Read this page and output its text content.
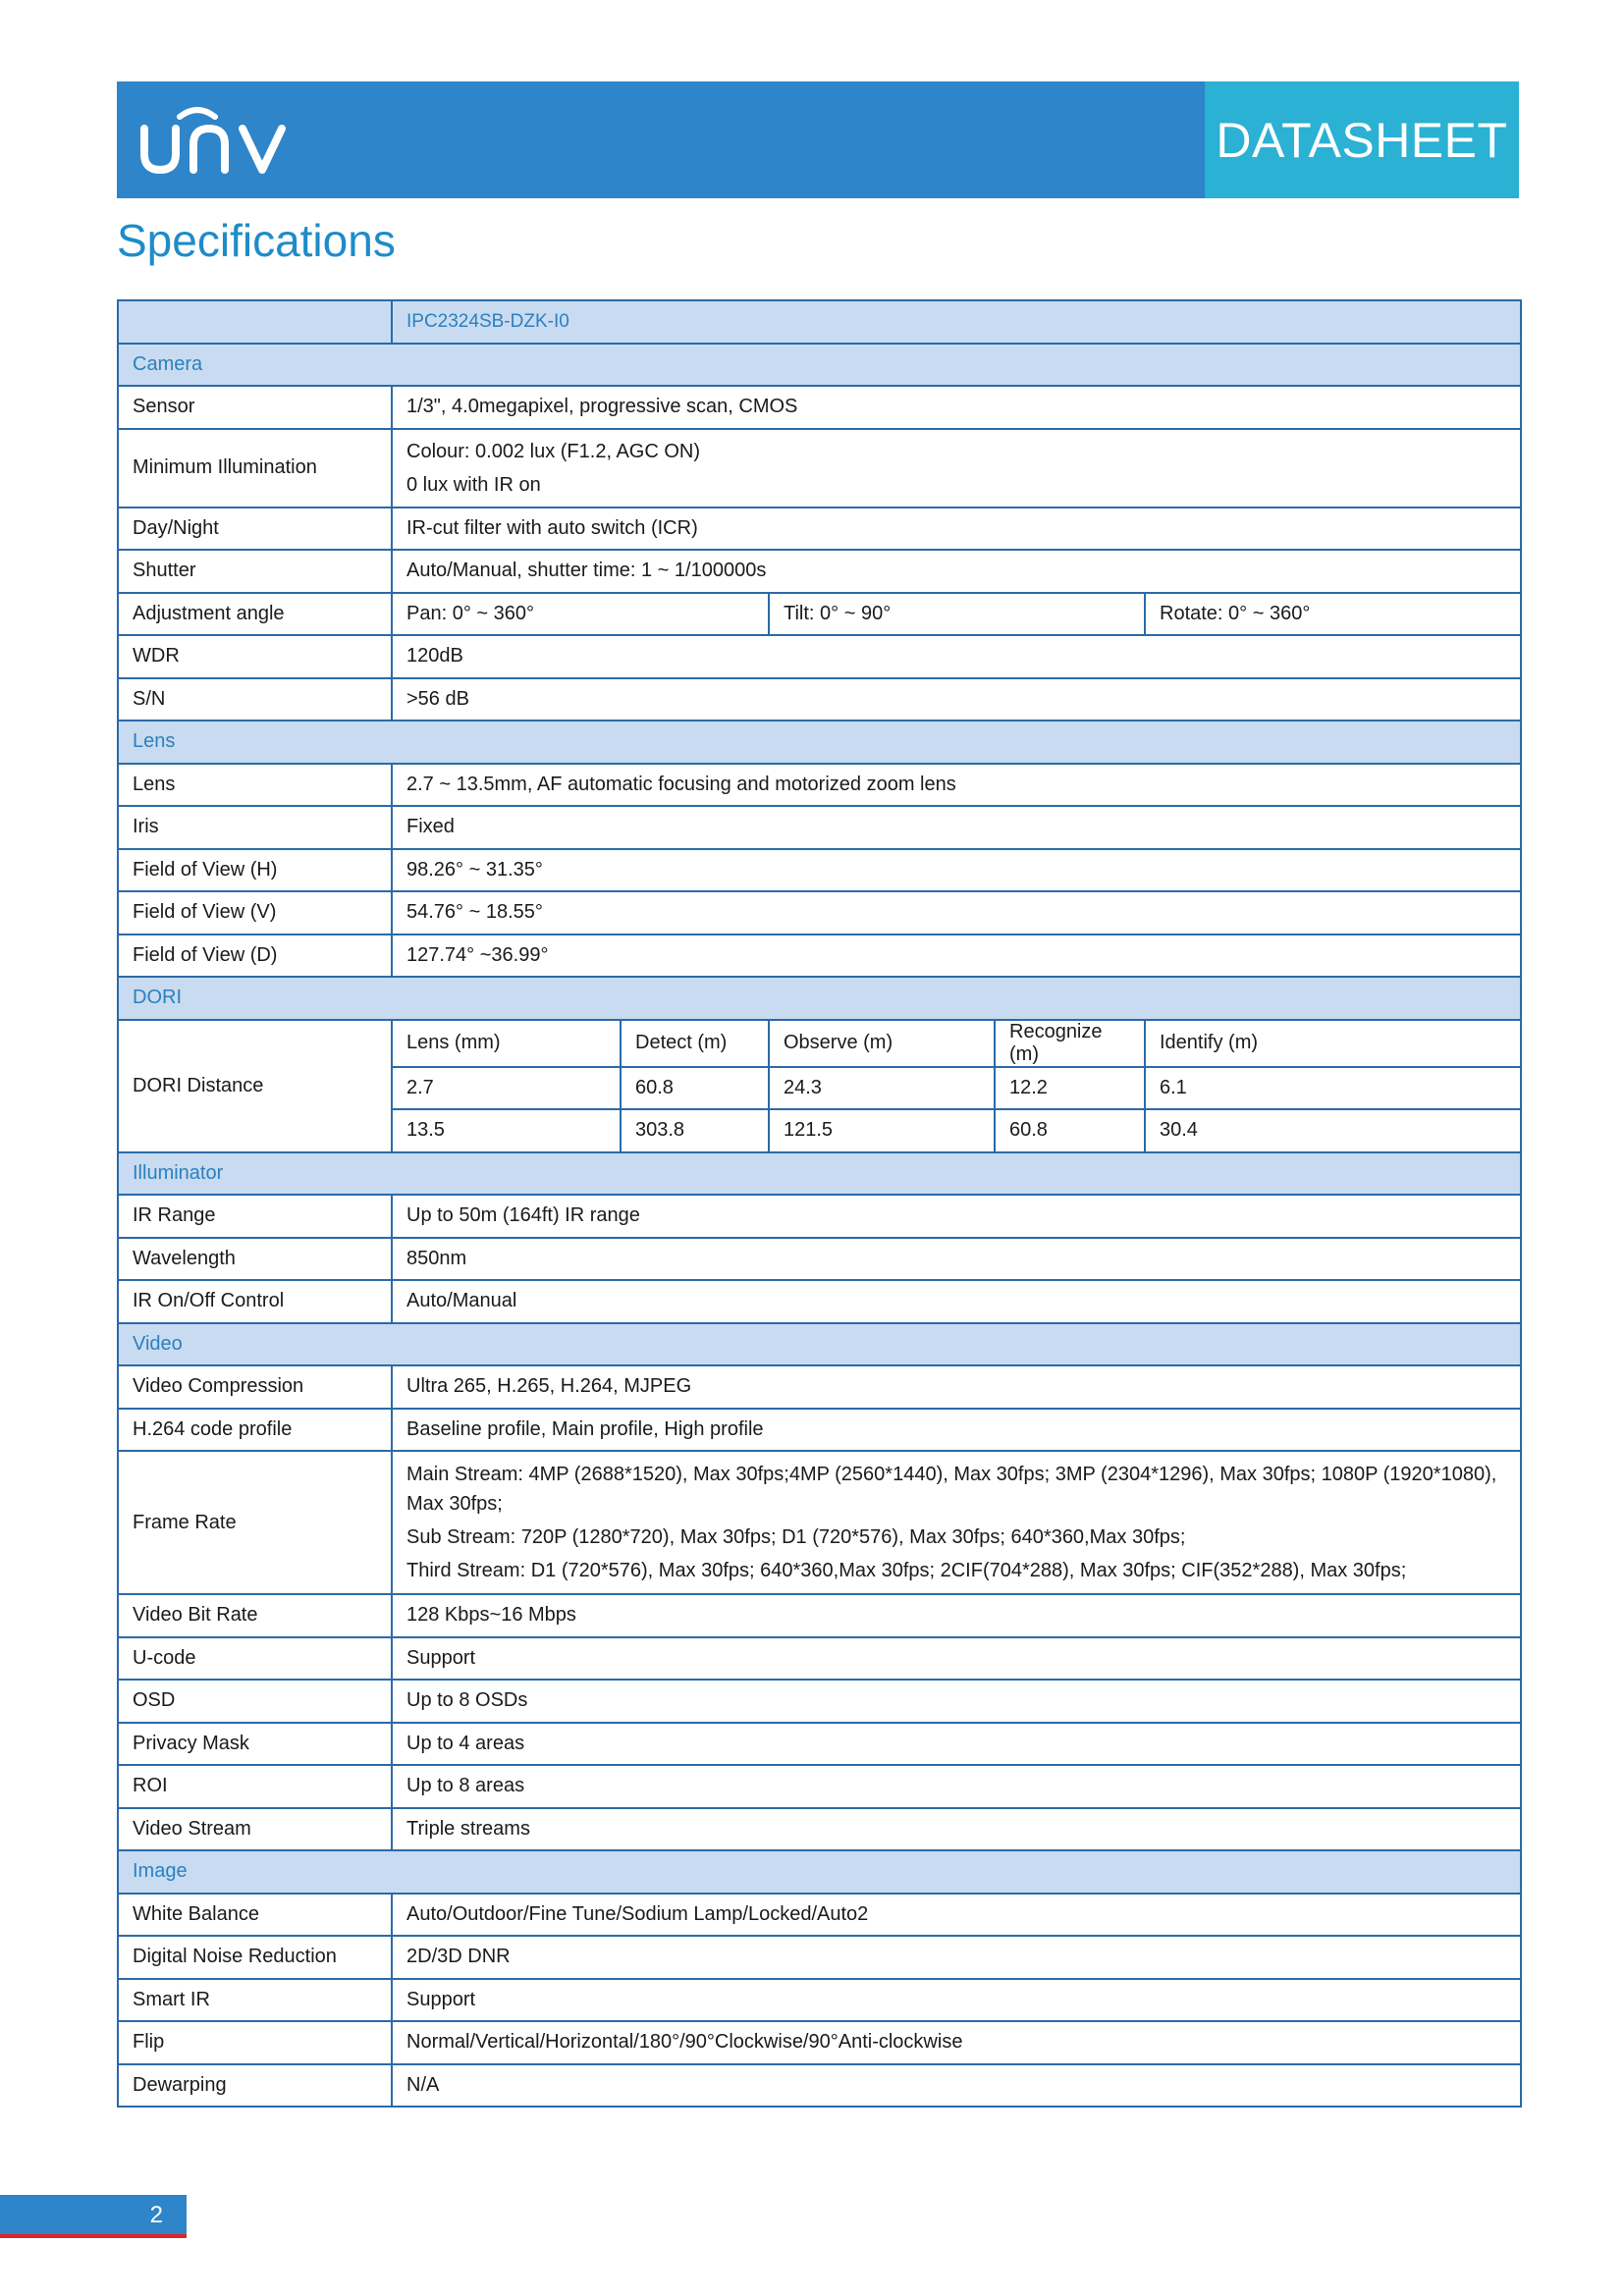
DATASHEET
Specifications
	IPC2324SB-DZK-I0				
Camera					
Sensor	1/3", 4.0megapixel, progressive scan, CMOS				
Minimum Illumination	Colour: 0.002 lux (F1.2, AGC ON)
0 lux with IR on				

Day/Night	IR-cut filter with auto switch (ICR)				
Shutter	Auto/Manual, shutter time: 1 ~ 1/100000s				
Adjustment angle	Pan: 0° ~ 360°		Tilt: 0° ~ 90°		Rotate: 0° ~ 360°
WDR	120dB				
S/N	>56 dB				
Lens					
Lens	2.7 ~ 13.5mm, AF automatic focusing and motorized zoom lens				
Iris	Fixed				
Field of View (H)	98.26° ~ 31.35°				
Field of View (V)	54.76° ~ 18.55°				
Field of View (D)	127.74° ~36.99°				
DORI					
DORI Distance	Lens (mm)	Detect (m)	Observe (m)	Recognize (m)	Identify (m)
	2.7	60.8	24.3	12.2	6.1
	13.5	303.8	121.5	60.8	30.4
Illuminator					
IR Range	Up to 50m (164ft) IR range				
Wavelength	850nm				
IR On/Off Control	Auto/Manual				
Video					
Video Compression	Ultra 265, H.265, H.264, MJPEG				
H.264 code profile	Baseline profile, Main profile, High profile				
Frame Rate	Main Stream: 4MP (2688*1520), Max 30fps;4MP (2560*1440), Max 30fps; 3MP (2304*1296), Max 30fps; 1080P (1920*1080), Max 30fps;
Sub Stream: 720P (1280*720), Max 30fps; D1 (720*576), Max 30fps; 640*360,Max 30fps;
Third Stream: D1 (720*576), Max 30fps; 640*360,Max 30fps; 2CIF(704*288), Max 30fps; CIF(352*288), Max 30fps;				

Video Bit Rate	128 Kbps~16 Mbps				
U-code	Support				
OSD	Up to 8 OSDs				
Privacy Mask	Up to 4 areas				
ROI	Up to 8 areas				
Video Stream	Triple streams				
Image					
White Balance	Auto/Outdoor/Fine Tune/Sodium Lamp/Locked/Auto2				
Digital Noise Reduction	2D/3D DNR				
Smart IR	Support				
Flip	Normal/Vertical/Horizontal/180°/90°Clockwise/90°Anti-clockwise				
Dewarping	N/A				
2
